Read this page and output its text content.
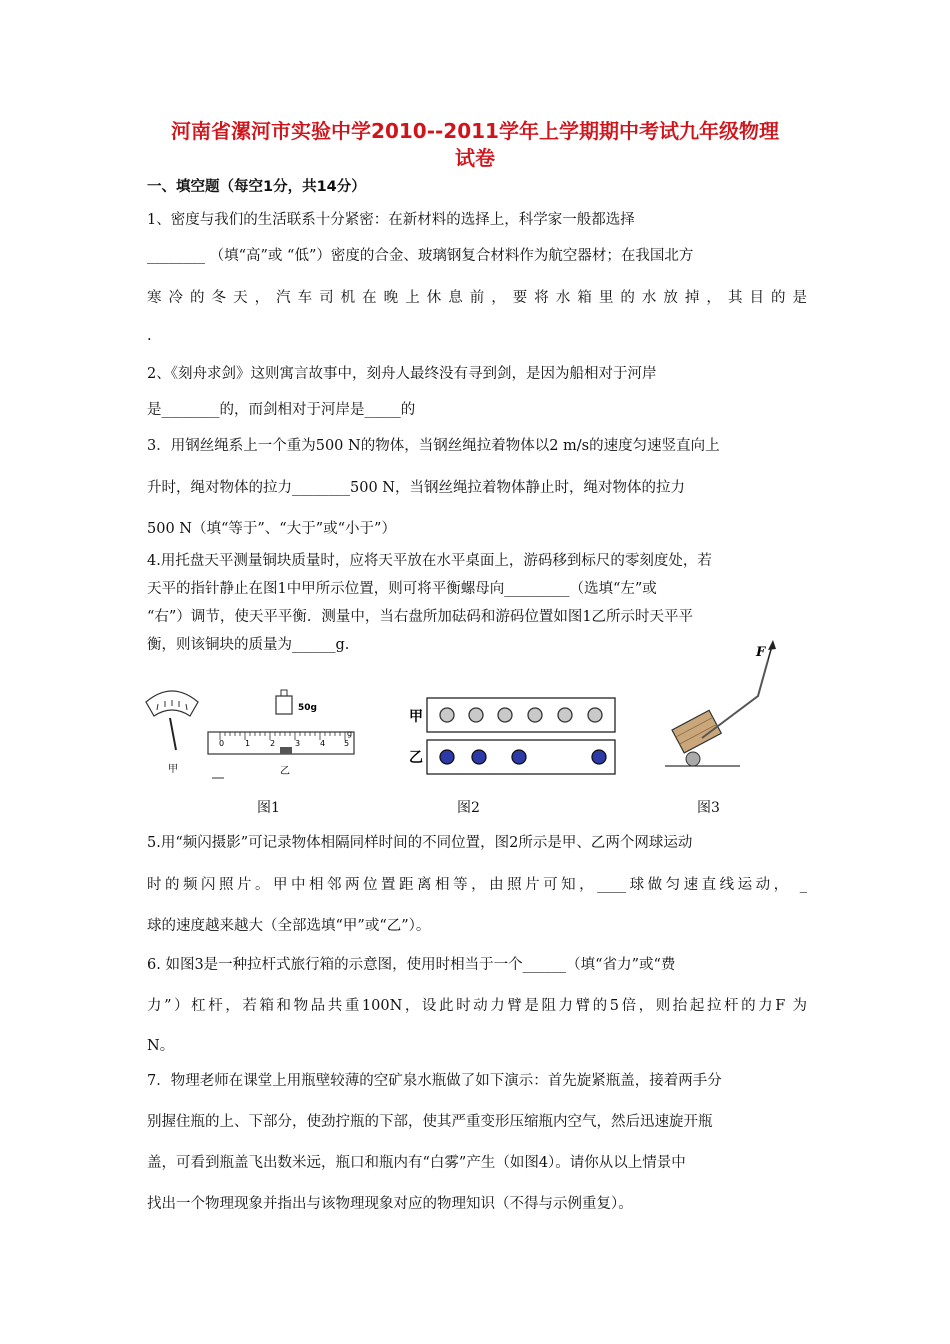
河南省漯河市实验中学2010--2011学年上学期期中考试九年级物理
试卷
一、填空题（每空1分，共14分）
1、密度与我们的生活联系十分紧密：在新材料的选择上，科学家一般都选择
________ （填“高”或 “低”）密度的合金、玻璃钢复合材料作为航空器材；在我国北方
寒冷的冬天，汽车司机在晚上休息前，要将水箱里的水放掉，其目的是
.
2、《刻舟求剑》这则寓言故事中，刻舟人最终没有寻到剑，是因为船相对于河岸
是________的，而剑相对于河岸是_____的
3．用钢丝绳系上一个重为500 N的物体，当钢丝绳拉着物体以2 m/s的速度匀速竖直向上
升时，绳对物体的拉力________500 N，当钢丝绳拉着物体静止时，绳对物体的拉力
500 N（填“等于”、“大于”或“小于”）
4.用托盘天平测量铜块质量时，应将天平放在水平桌面上，游码移到标尺的零刻度处，若
天平的指针静止在图1中甲所示位置，则可将平衡螺母向_________（选填“左”或
“右”）调节，使天平平衡．测量中，当右盘所加砝码和游码位置如图1乙所示时天平平
衡，则该铜块的质量为______g.
甲
50g
0	1 2 3 4 5
g
乙
甲
乙
F
图1	图2	图3
5.用“频闪摄影”可记录物体相隔同样时间的不同位置，图2所示是甲、乙两个网球运动
时的频闪照片。甲中相邻两位置距离相等，由照片可知，____球做匀速直线运动， _
球的速度越来越大（全部选填“甲”或“乙”）。
6. 如图3是一种拉杆式旅行箱的示意图，使用时相当于一个______（填“省力”或“费
力”）杠杆，若箱和物品共重100N，设此时动力臂是阻力臂的5倍，则抬起拉杆的力F 为
N。
7．物理老师在课堂上用瓶壁较薄的空矿泉水瓶做了如下演示：首先旋紧瓶盖，接着两手分
别握住瓶的上、下部分，使劲拧瓶的下部，使其严重变形压缩瓶内空气，然后迅速旋开瓶
盖，可看到瓶盖飞出数米远，瓶口和瓶内有“白雾”产生（如图4）。请你从以上情景中
找出一个物理现象并指出与该物理现象对应的物理知识（不得与示例重复）。
